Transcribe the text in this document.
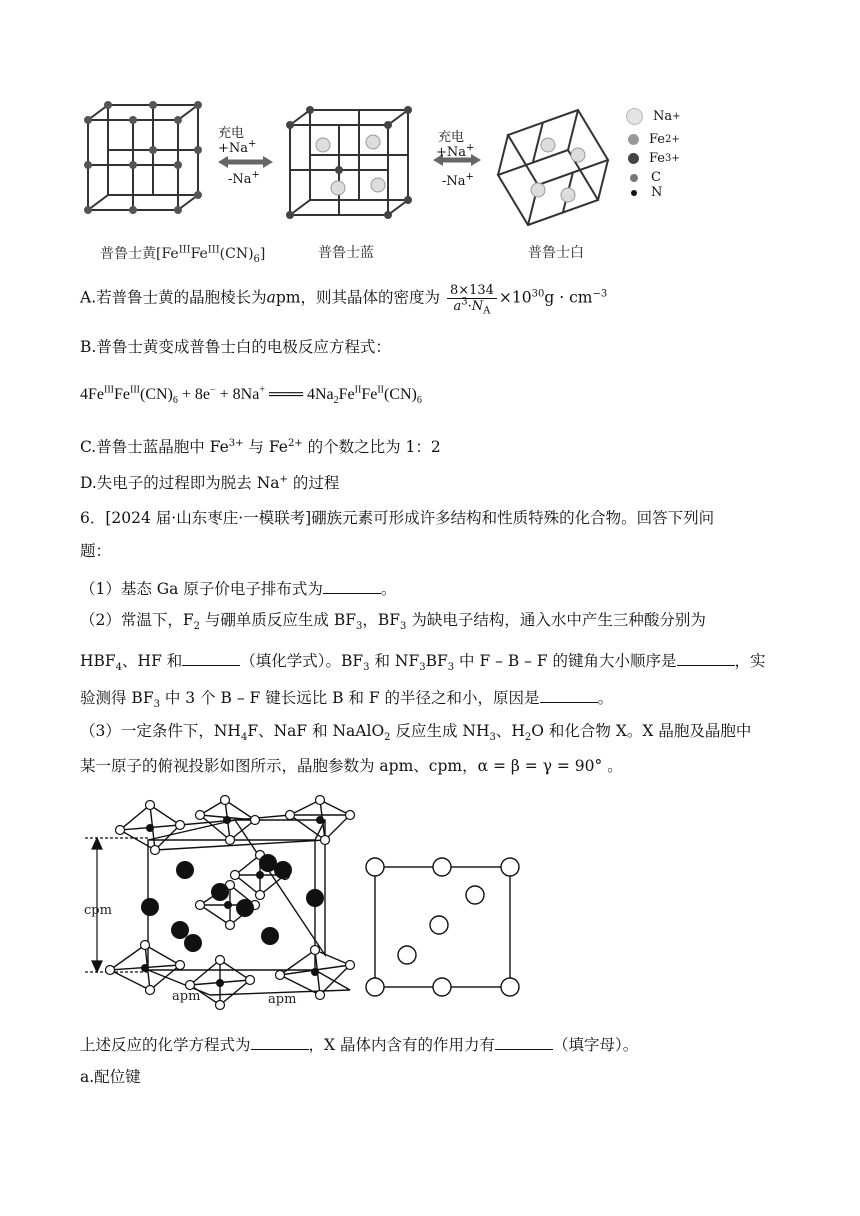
充电
+Na+
-Na+
充电
+Na+
-Na+
Na +
Fe 2+
Fe 3+
C
N
普鲁士黄$[Fe^{III}Fe^{III}(CN)_6]$	普鲁士蓝	普鲁士白
A.若普鲁士黄的晶胞棱长为apm，则其晶体的密度为 $\frac{8\times 134}{a^3\cdot N_A} \times 10^{30}g \cdot cm^{-3}$
B.普鲁士黄变成普鲁士白的电极反应方程式：
$4Fe^{III}Fe^{III}(CN)_6 + 8e^- + 8Na^+$ ═══ $4Na_2Fe^{II}Fe^{II}(CN)_6$
C.普鲁士蓝晶胞中 $Fe^{3+}$ 与 $Fe^{2+}$ 的个数之比为 1：2
D.失电子的过程即为脱去 Na+ 的过程
6．[2024 届·山东枣庄·一模联考]硼族元素可形成许多结构和性质特殊的化合物。回答下列问
题：
（1）基态 Ga 原子价电子排布式为	。
（2）常温下，$F_2$ 与硼单质反应生成 $BF_3$，$BF_3$ 为缺电子结构，通入水中产生三种酸分别为
$HBF_4$、HF 和	（填化学式）。$BF_3$ 和 $NF_3BF_3$ 中 F – B – F 的键角大小顺序是	，实
验测得 $BF_3$ 中 3 个 B – F 键长远比 B 和 F 的半径之和小，原因是	。
（3）一定条件下，$NH_4F$、NaF 和 NaAlO$_2$ 反应生成 $NH_3$、$H_2O$ 和化合物 X。X 晶胞及晶胞中
某一原子的俯视投影如图所示，晶胞参数为 apm、cpm，α = β = γ = 90° 。
cpm
apm	apm
上述反应的化学方程式为	，X 晶体内含有的作用力有	（填字母）。
a.配位键
